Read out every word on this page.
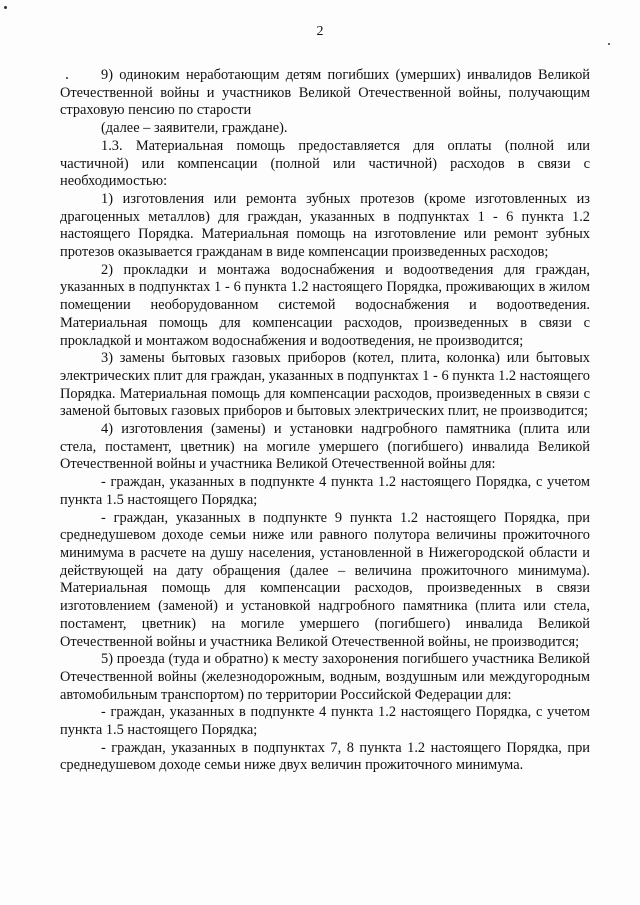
2

9) одиноким неработающим детям погибших (умерших) инвалидов Великой Отечественной войны и участников Великой Отечественной войны, получающим страховую пенсию по старости

(далее – заявители, граждане).

1.3. Материальная помощь предоставляется для оплаты (полной или частичной) или компенсации (полной или частичной) расходов в связи с необходимостью:

1) изготовления или ремонта зубных протезов (кроме изготовленных из драгоценных металлов) для граждан, указанных в подпунктах 1 - 6 пункта 1.2 настоящего Порядка. Материальная помощь на изготовление или ремонт зубных протезов оказывается гражданам в виде компенсации произведенных расходов;

2) прокладки и монтажа водоснабжения и водоотведения для граждан, указанных в подпунктах 1 - 6 пункта 1.2 настоящего Порядка, проживающих в жилом помещении необорудованном системой водоснабжения и водоотведения. Материальная помощь для компенсации расходов, произведенных в связи с прокладкой и монтажом водоснабжения и водоотведения, не производится;

3) замены бытовых газовых приборов (котел, плита, колонка) или бытовых электрических плит для граждан, указанных в подпунктах 1 - 6 пункта 1.2 настоящего Порядка. Материальная помощь для компенсации расходов, произведенных в связи с заменой бытовых газовых приборов и бытовых электрических плит, не производится;

4) изготовления (замены) и установки надгробного памятника (плита или стела, постамент, цветник) на могиле умершего (погибшего) инвалида Великой Отечественной войны и участника Великой Отечественной войны для:

- граждан, указанных в подпункте 4 пункта 1.2 настоящего Порядка, с учетом пункта 1.5 настоящего Порядка;

- граждан, указанных в подпункте 9 пункта 1.2 настоящего Порядка, при среднедушевом доходе семьи ниже или равного полутора величины прожиточного минимума в расчете на душу населения, установленной в Нижегородской области и действующей на дату обращения (далее – величина прожиточного минимума). Материальная помощь для компенсации расходов, произведенных в связи изготовлением (заменой) и установкой надгробного памятника (плита или стела, постамент, цветник) на могиле умершего (погибшего) инвалида Великой Отечественной войны и участника Великой Отечественной войны, не производится;

5) проезда (туда и обратно) к месту захоронения погибшего участника Великой Отечественной войны (железнодорожным, водным, воздушным или междугородным автомобильным транспортом) по территории Российской Федерации для:

- граждан, указанных в подпункте 4 пункта 1.2 настоящего Порядка, с учетом пункта 1.5 настоящего Порядка;

- граждан, указанных в подпунктах 7, 8 пункта 1.2 настоящего Порядка, при среднедушевом доходе семьи ниже двух величин прожиточного минимума.
